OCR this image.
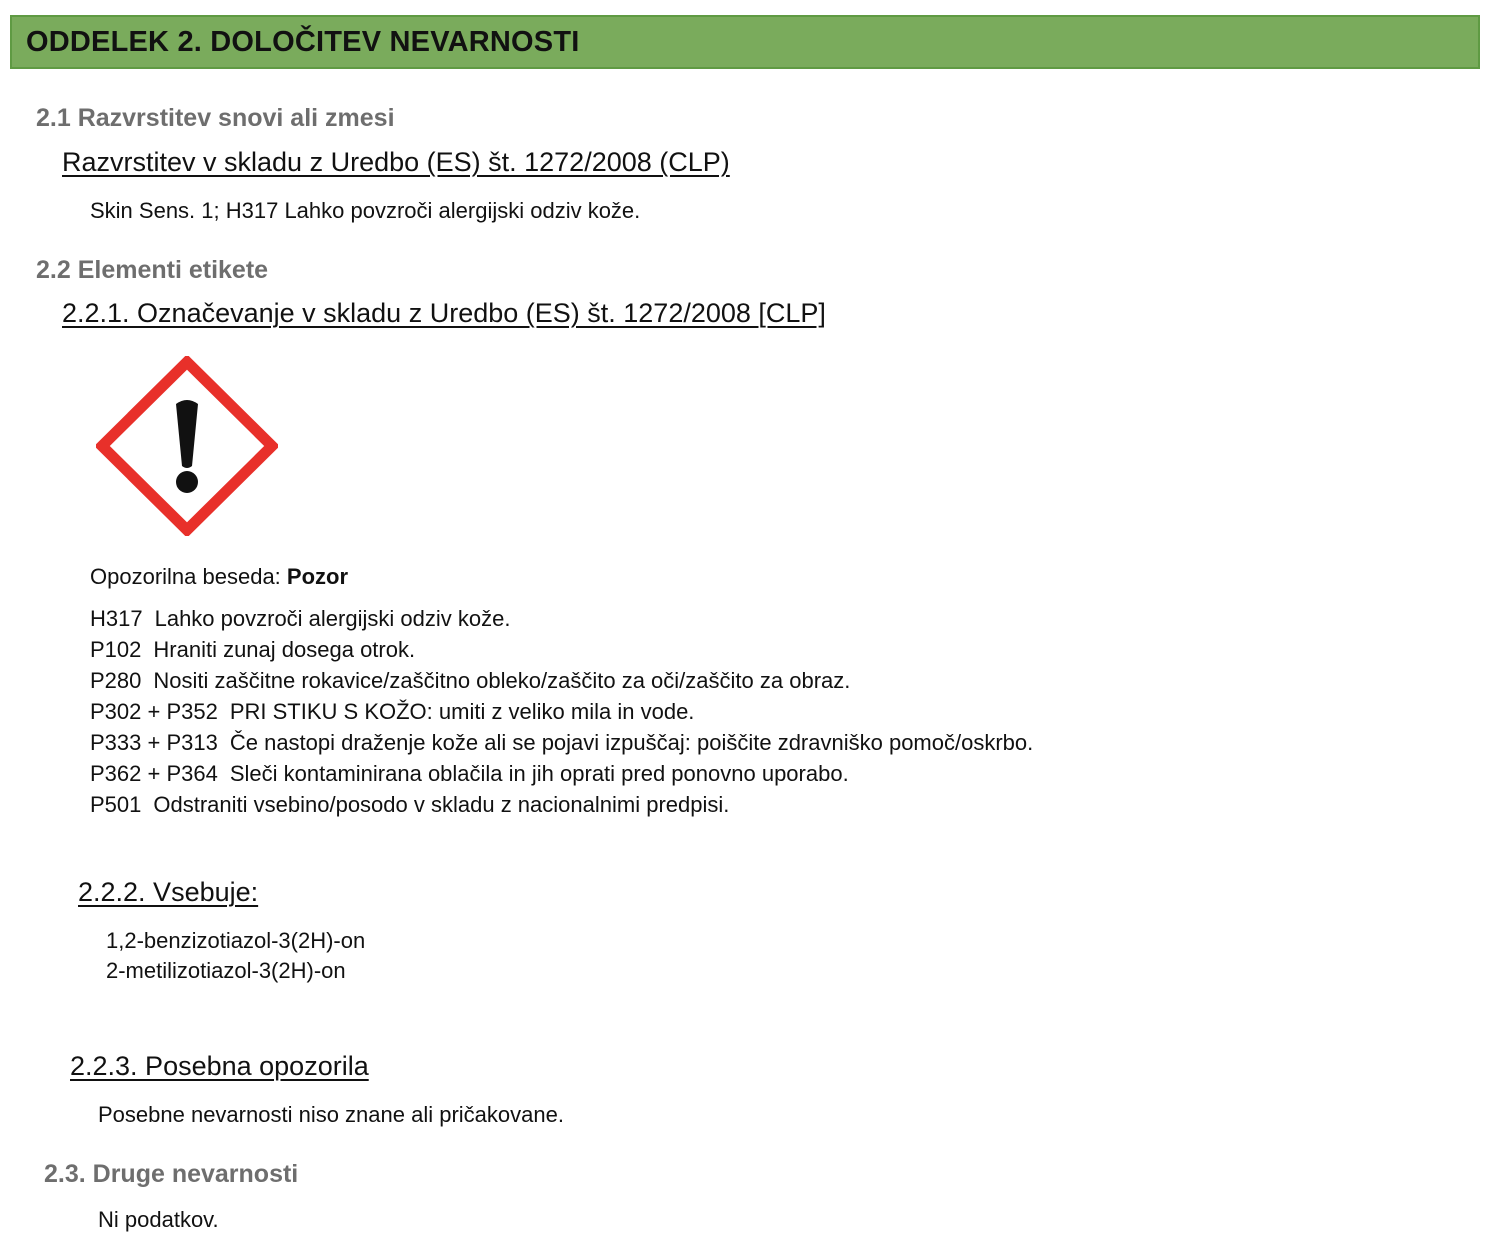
ODDELEK 2. DOLOČITEV NEVARNOSTI
2.1 Razvrstitev snovi ali zmesi
Razvrstitev v skladu z Uredbo (ES) št. 1272/2008 (CLP)
Skin Sens. 1; H317 Lahko povzroči alergijski odziv kože.
2.2 Elementi etikete
2.2.1. Označevanje v skladu z Uredbo (ES) št. 1272/2008 [CLP]
Opozorilna beseda: Pozor
H317 Lahko povzroči alergijski odziv kože.
P102 Hraniti zunaj dosega otrok.
P280 Nositi zaščitne rokavice/zaščitno obleko/zaščito za oči/zaščito za obraz.
P302 + P352 PRI STIKU S KOŽO: umiti z veliko mila in vode.
P333 + P313 Če nastopi draženje kože ali se pojavi izpuščaj: poiščite zdravniško pomoč/oskrbo.
P362 + P364 Sleči kontaminirana oblačila in jih oprati pred ponovno uporabo.
P501 Odstraniti vsebino/posodo v skladu z nacionalnimi predpisi.
2.2.2. Vsebuje:
1,2-benzizotiazol-3(2H)-on
2-metilizotiazol-3(2H)-on
2.2.3. Posebna opozorila
Posebne nevarnosti niso znane ali pričakovane.
2.3. Druge nevarnosti
Ni podatkov.
